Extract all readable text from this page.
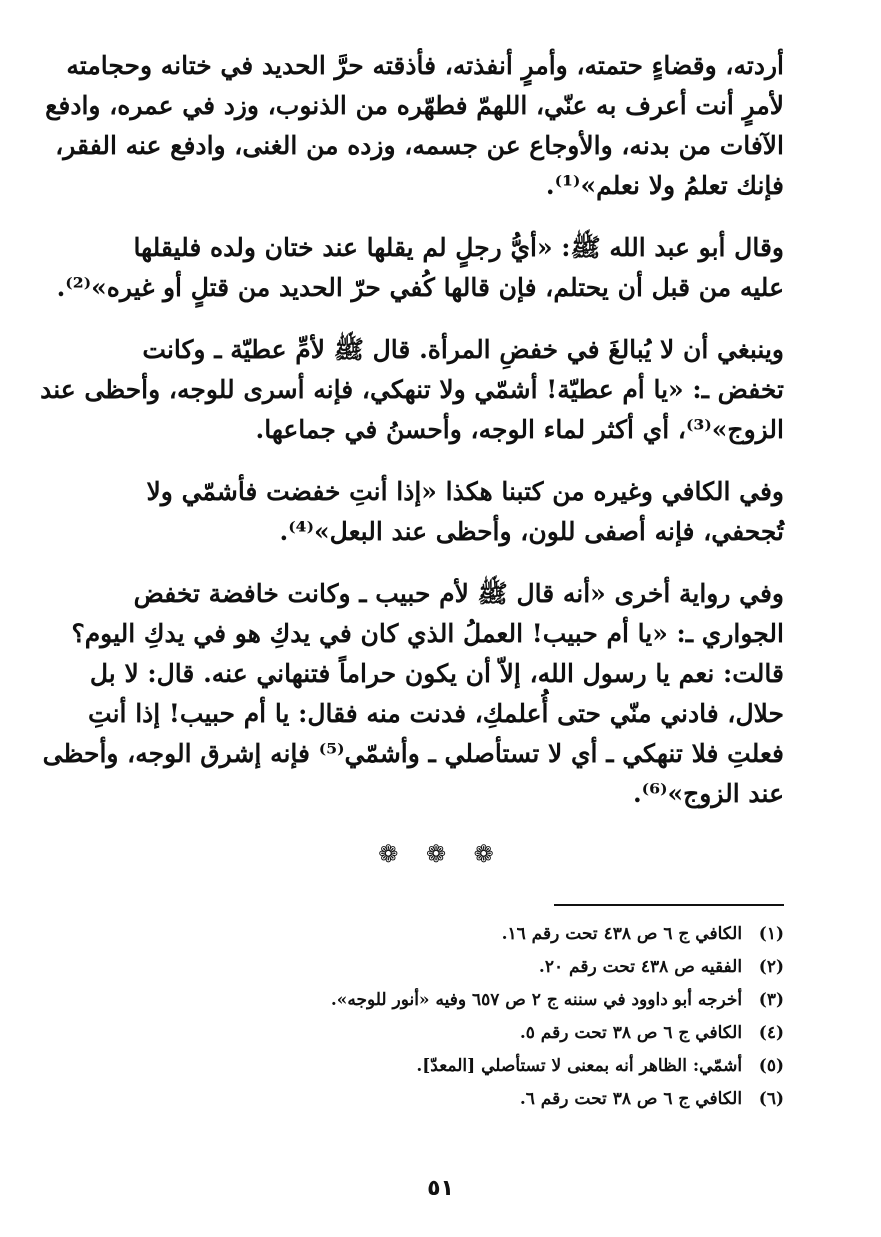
أردته، وقضاءٍ حتمته، وأمرٍ أنفذته، فأذقته حرَّ الحديد في ختانه وحجامته
لأمرٍ أنت أعرف به عنّي، اللهمّ فطهّره من الذنوب، وزد في عمره، وادفع
الآفات من بدنه، والأوجاع عن جسمه، وزده من الغنى، وادفع عنه الفقر،
فإنك تعلمُ ولا نعلم»⁽¹⁾.
وقال أبو عبد الله ﷺ: «أيُّ رجلٍ لم يقلها عند ختان ولده فليقلها
عليه من قبل أن يحتلم، فإن قالها كُفي حرّ الحديد من قتلٍ أو غيره»⁽²⁾.
وينبغي أن لا يُبالغَ في خفضِ المرأة. قال ﷺ لأمِّ عطيّة ـ وكانت
تخفض ـ: «يا أم عطيّة! أشمّي ولا تنهكي، فإنه أسرى للوجه، وأحظى عند
الزوج»⁽³⁾، أي أكثر لماء الوجه، وأحسنُ في جماعها.
وفي الكافي وغيره من كتبنا هكذا «إذا أنتِ خفضت فأشمّي ولا
تُجحفي، فإنه أصفى للون، وأحظى عند البعل»⁽⁴⁾.
وفي رواية أخرى «أنه قال ﷺ لأم حبيب ـ وكانت خافضة تخفض
الجواري ـ: «يا أم حبيب! العملُ الذي كان في يدكِ هو في يدكِ اليوم؟
قالت: نعم يا رسول الله، إلاّ أن يكون حراماً فتنهاني عنه. قال: لا بل
حلال، فادني منّي حتى أُعلمكِ، فدنت منه فقال: يا أم حبيب! إذا أنتِ
فعلتِ فلا تنهكي ـ أي لا تستأصلي ـ وأشمّي⁽⁵⁾ فإنه إشرق الوجه، وأحظى
عند الزوج»⁽⁶⁾.
❁ ❁ ❁
(١) الكافي ج ٦ ص ٤٣٨ تحت رقم ١٦.
(٢) الفقيه ص ٤٣٨ تحت رقم ٢٠.
(٣) أخرجه أبو داوود في سننه ج ٢ ص ٦٥٧ وفيه «أنور للوجه».
(٤) الكافي ج ٦ ص ٣٨ تحت رقم ٥.
(٥) أشمّي: الظاهر أنه بمعنى لا تستأصلي [المعدّ].
(٦) الكافي ج ٦ ص ٣٨ تحت رقم ٦.
٥١
